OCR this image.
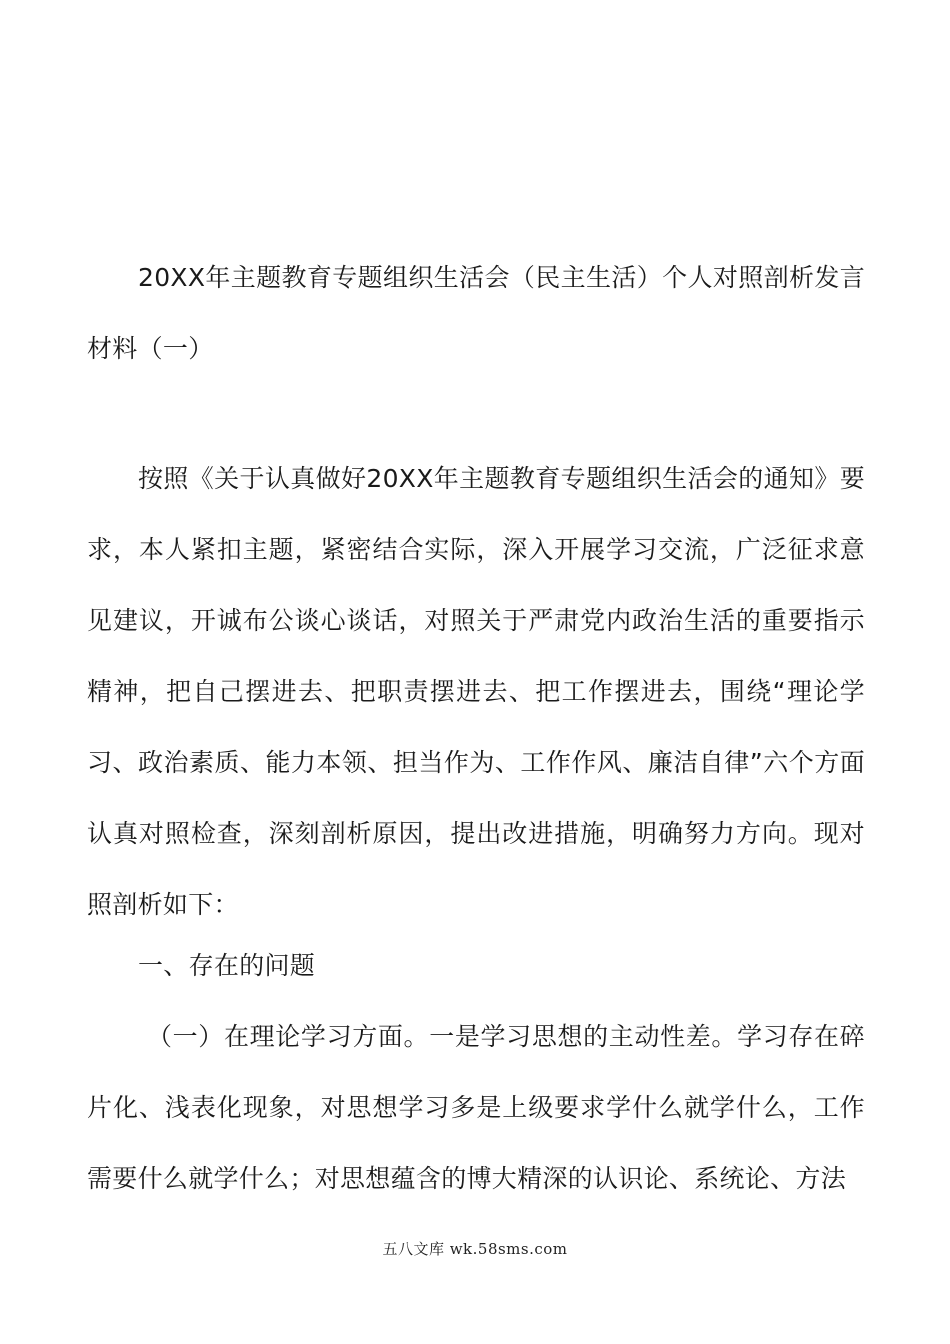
20XX年主题教育专题组织生活会（民主生活）个人对照剖析发言材料（一）

按照《关于认真做好20XX年主题教育专题组织生活会的通知》要求，本人紧扣主题，紧密结合实际，深入开展学习交流，广泛征求意见建议，开诚布公谈心谈话，对照关于严肃党内政治生活的重要指示精神，把自己摆进去、把职责摆进去、把工作摆进去，围绕“理论学习、政治素质、能力本领、担当作为、工作作风、廉洁自律”六个方面认真对照检查，深刻剖析原因，提出改进措施，明确努力方向。现对照剖析如下：

一、存在的问题

（一）在理论学习方面。一是学习思想的主动性差。学习存在碎片化、浅表化现象，对思想学习多是上级要求学什么就学什么，工作需要什么就学什么；对思想蕴含的博大精深的认识论、系统论、方法

五八文库 wk.58sms.com
